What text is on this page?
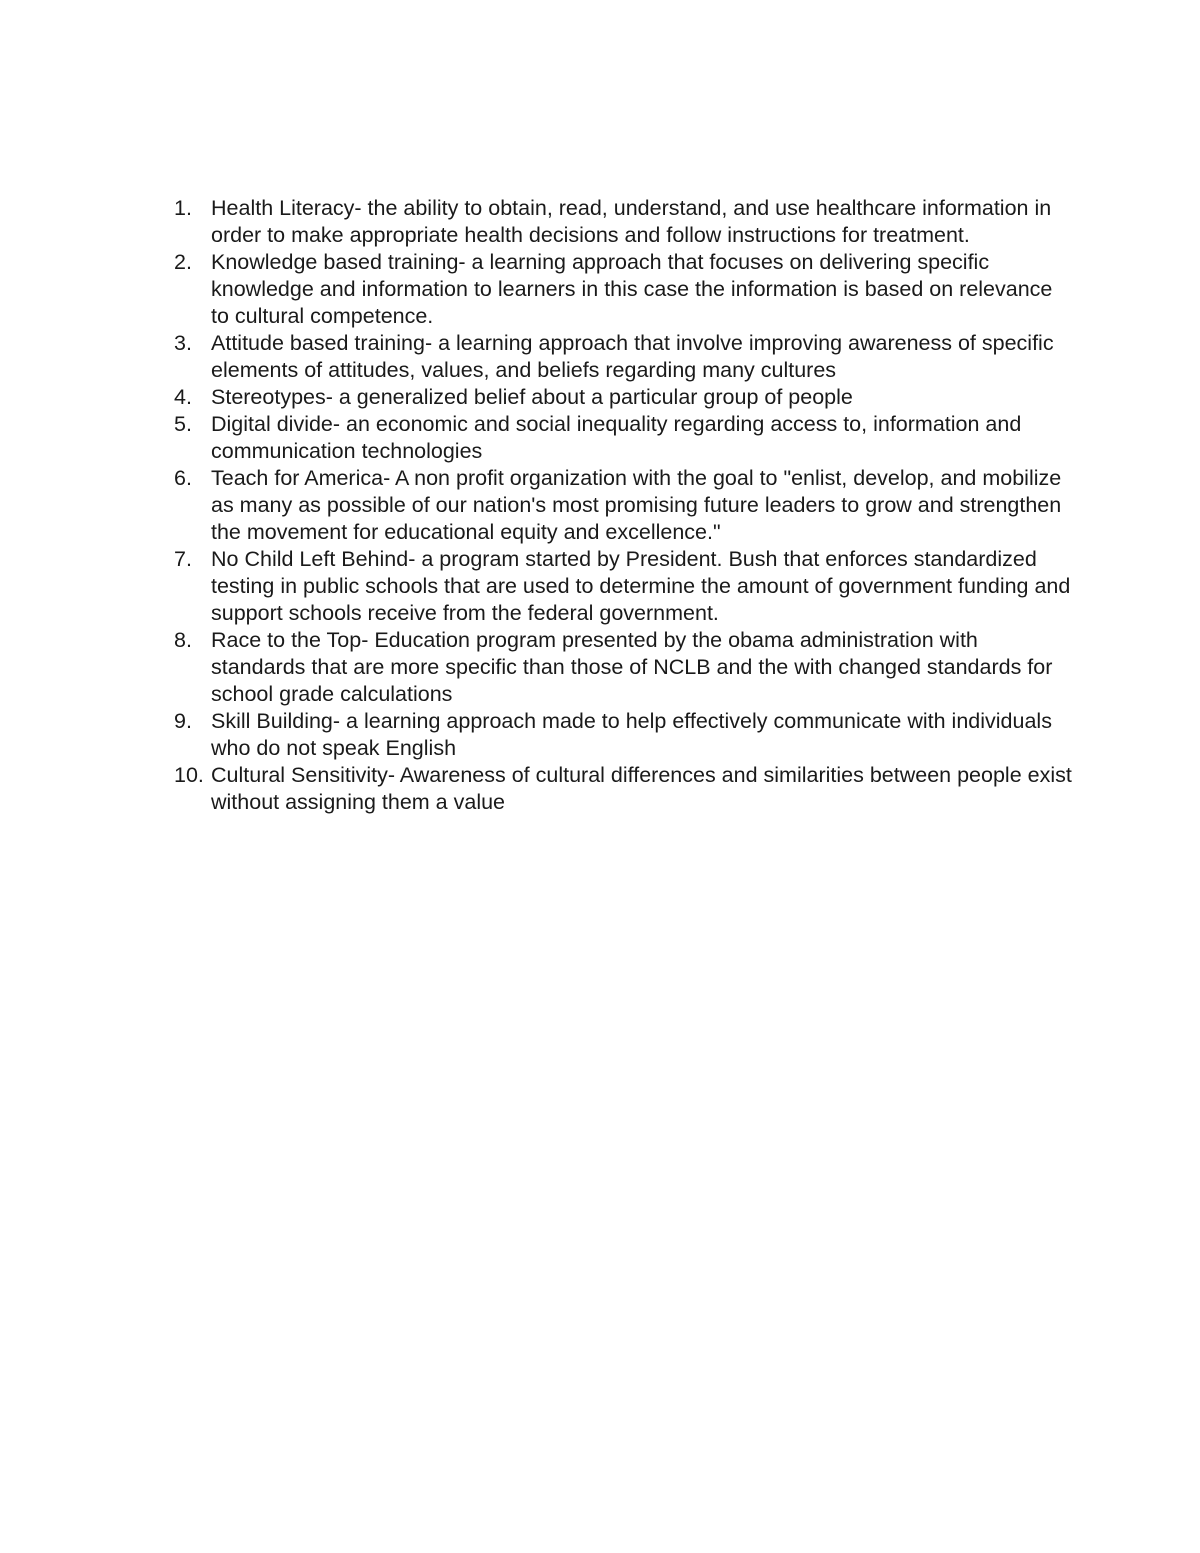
1. Health Literacy- the ability to obtain, read, understand, and use healthcare information in order to make appropriate health decisions and follow instructions for treatment.
2. Knowledge based training- a learning approach that focuses on delivering specific knowledge and information to learners in this case the information is based on relevance to cultural competence.
3. Attitude based training- a learning approach that involve improving awareness of specific elements of attitudes, values, and beliefs regarding many cultures
4. Stereotypes- a generalized belief about a particular group of people
5. Digital divide- an economic and social inequality regarding access to, information and communication technologies
6. Teach for America- A non profit organization with the goal to "enlist, develop, and mobilize as many as possible of our nation's most promising future leaders to grow and strengthen the movement for educational equity and excellence."
7. No Child Left Behind- a program started by President. Bush that enforces standardized testing in public schools that are used to determine the amount of government funding and support schools receive from the federal government.
8. Race to the Top- Education program presented by the obama administration with standards that are more specific than those of NCLB and the with changed standards for school grade calculations
9. Skill Building- a learning approach made to help effectively communicate with individuals who do not speak English
10. Cultural Sensitivity- Awareness of cultural differences and similarities between people exist without assigning them a value
